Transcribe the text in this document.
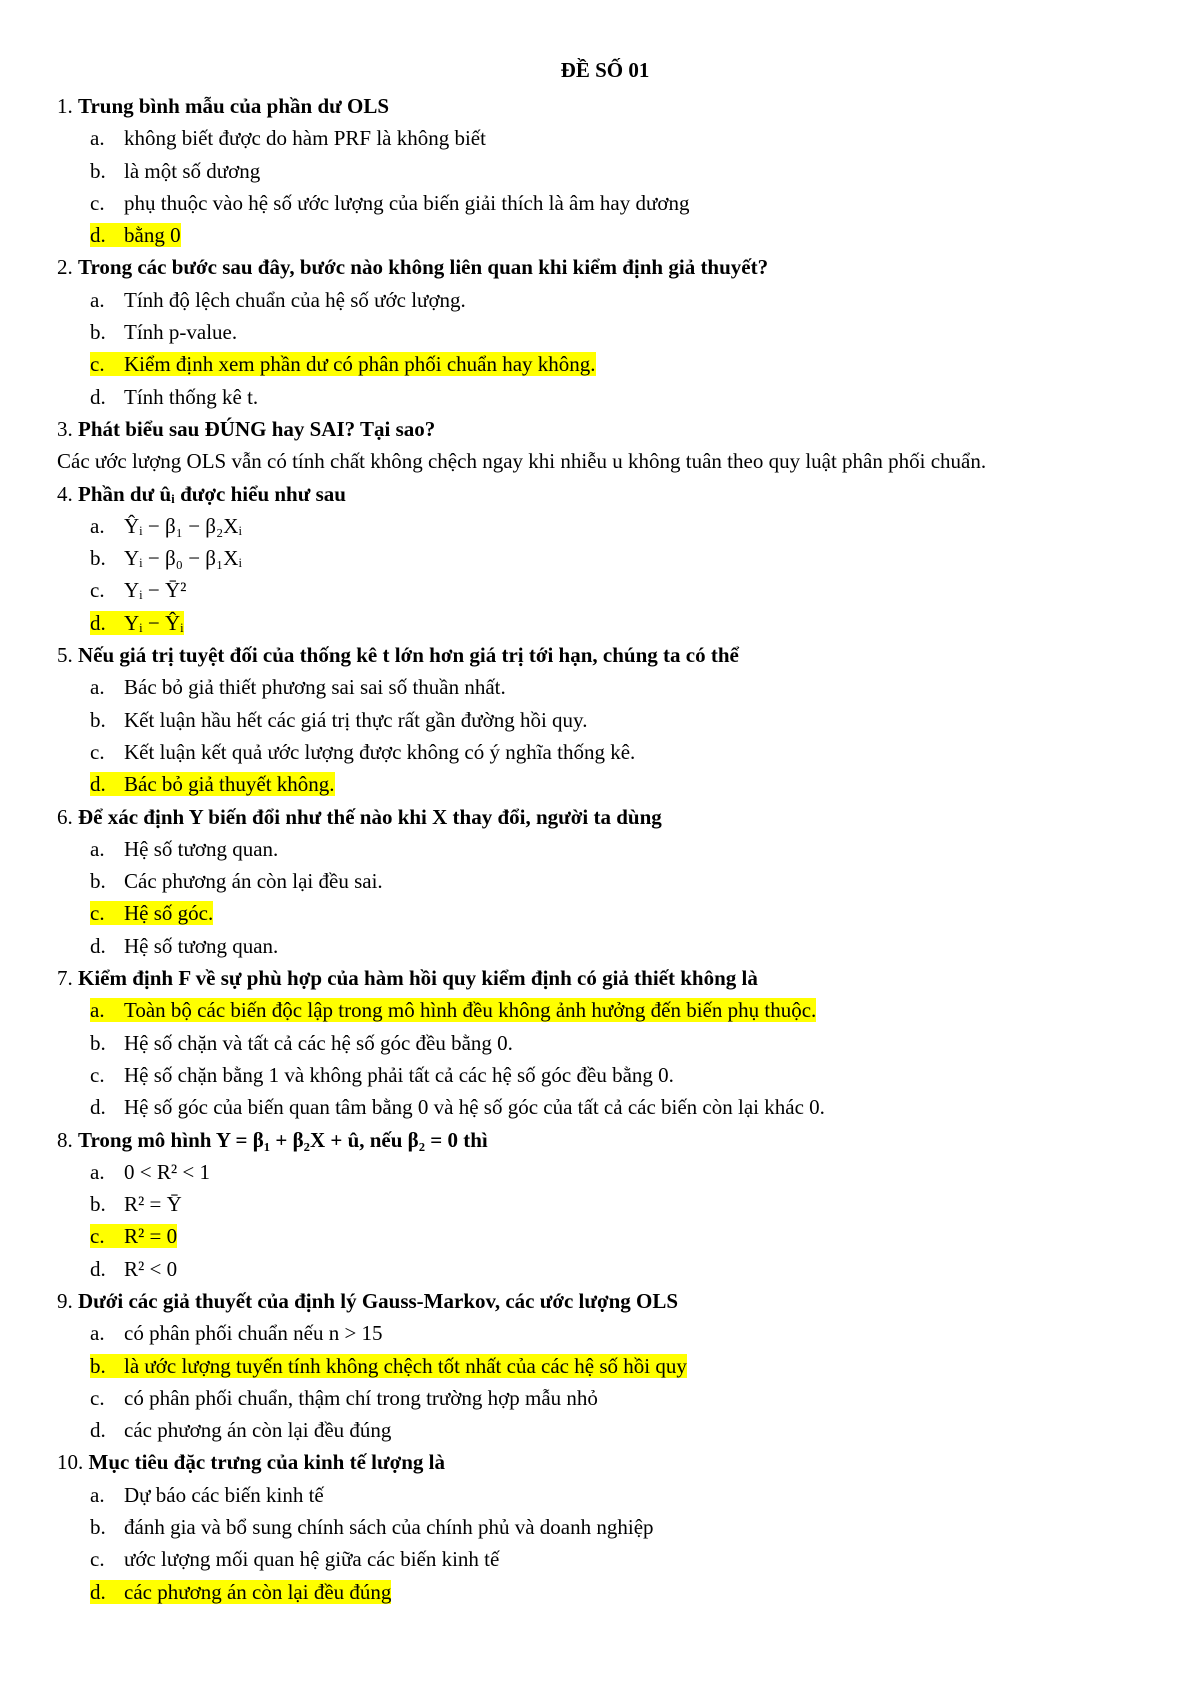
ĐỀ SỐ 01
1. Trung bình mẫu của phần dư OLS
a. không biết được do hàm PRF là không biết
b. là một số dương
c. phụ thuộc vào hệ số ước lượng của biến giải thích là âm hay dương
d. bằng 0
2. Trong các bước sau đây, bước nào không liên quan khi kiểm định giả thuyết?
a. Tính độ lệch chuẩn của hệ số ước lượng.
b. Tính p-value.
c. Kiểm định xem phần dư có phân phối chuẩn hay không.
d. Tính thống kê t.
3. Phát biểu sau ĐÚNG hay SAI? Tại sao?
Các ước lượng OLS vẫn có tính chất không chệch ngay khi nhiễu u không tuân theo quy luật phân phối chuẩn.
4. Phần dư ûᵢ được hiểu như sau
a. Ŷᵢ − β₁ − β₂Xᵢ
b. Yᵢ − β₀ − β₁Xᵢ
c. Yᵢ − Ȳ²
d. Yᵢ − Ŷᵢ
5. Nếu giá trị tuyệt đối của thống kê t lớn hơn giá trị tới hạn, chúng ta có thể
a. Bác bỏ giả thiết phương sai sai số thuần nhất.
b. Kết luận hầu hết các giá trị thực rất gần đường hồi quy.
c. Kết luận kết quả ước lượng được không có ý nghĩa thống kê.
d. Bác bỏ giả thuyết không.
6. Để xác định Y biến đổi như thế nào khi X thay đổi, người ta dùng
a. Hệ số tương quan.
b. Các phương án còn lại đều sai.
c. Hệ số góc.
d. Hệ số tương quan.
7. Kiểm định F về sự phù hợp của hàm hồi quy kiểm định có giả thiết không là
a. Toàn bộ các biến độc lập trong mô hình đều không ảnh hưởng đến biến phụ thuộc.
b. Hệ số chặn và tất cả các hệ số góc đều bằng 0.
c. Hệ số chặn bằng 1 và không phải tất cả các hệ số góc đều bằng 0.
d. Hệ số góc của biến quan tâm bằng 0 và hệ số góc của tất cả các biến còn lại khác 0.
8. Trong mô hình Y = β₁ + β₂X + û, nếu β₂ = 0 thì
a. 0 < R² < 1
b. R² = Ȳ
c. R² = 0
d. R² < 0
9. Dưới các giả thuyết của định lý Gauss-Markov, các ước lượng OLS
a. có phân phối chuẩn nếu n > 15
b. là ước lượng tuyến tính không chệch tốt nhất của các hệ số hồi quy
c. có phân phối chuẩn, thậm chí trong trường hợp mẫu nhỏ
d. các phương án còn lại đều đúng
10. Mục tiêu đặc trưng của kinh tế lượng là
a. Dự báo các biến kinh tế
b. đánh gia và bổ sung chính sách của chính phủ và doanh nghiệp
c. ước lượng mối quan hệ giữa các biến kinh tế
d. các phương án còn lại đều đúng
